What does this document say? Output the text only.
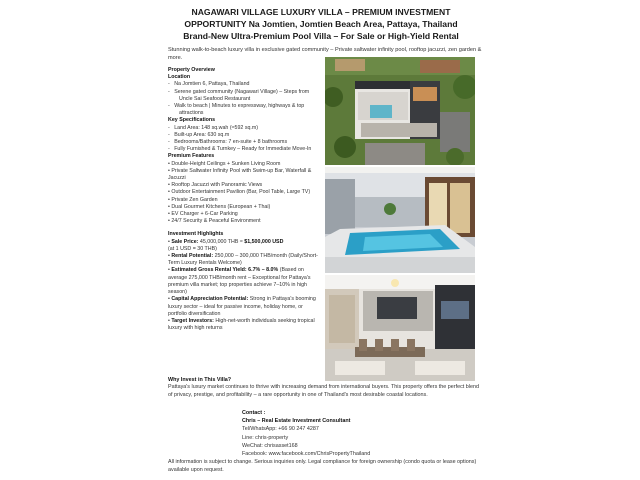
NAGAWARI VILLAGE LUXURY VILLA – PREMIUM INVESTMENT
OPPORTUNITY Na Jomtien, Jomtien Beach Area, Pattaya, Thailand
Brand-New Ultra-Premium Pool Villa – For Sale or High-Yield Rental
Stunning walk-to-beach luxury villa in exclusive gated community – Private saltwater infinity pool, rooftop jacuzzi, zen garden & more.
Property Overview
Location
-   Na Jomtien 6, Pattaya, Thailand
-   Serene gated community (Nagawari Village) – Steps from Uncle Sai Seafood Restaurant
-   Walk to beach | Minutes to expressway, highways & top attractions
Key Specifications
-   Land Area: 148 sq.wah (≈592 sq.m)
-   Built-up Area: 630 sq.m
-   Bedrooms/Bathrooms: 7 en-suite + 8 bathrooms
-   Fully Furnished & Turnkey – Ready for Immediate Move-In
Premium Features
• Double-Height Ceilings + Sunken Living Room
• Private Saltwater Infinity Pool with Swim-up Bar, Waterfall & Jacuzzi
• Rooftop Jacuzzi with Panoramic Views
• Outdoor Entertainment Pavilion (Bar, Pool Table, Large TV)
• Private Zen Garden
• Dual Gourmet Kitchens (European + Thai)
• EV Charger + 6-Car Parking
• 24/7 Security & Peaceful Environment
Investment Highlights
• Sale Price: 45,000,000 THB ≈ $1,500,000 USD
(at 1 USD = 30 THB)
• Rental Potential: 250,000 – 300,000 THB/month (Daily/Short-Term Luxury Rentals Welcome)
• Estimated Gross Rental Yield: 6.7% – 8.0% (Based on average 275,000 THB/month rent – Exceptional for Pattaya's premium villa market; top properties achieve 7–10% in high season)
• Capital Appreciation Potential: Strong in Pattaya's booming luxury sector – ideal for passive income, holiday home, or portfolio diversification
• Target Investors: High-net-worth individuals seeking tropical luxury with high returns
Why Invest in This Villa?
Pattaya's luxury market continues to thrive with increasing demand from international buyers. This property offers the perfect blend of privacy, prestige, and profitability – a rare opportunity in one of Thailand's most desirable coastal locations.
Contact :
Chris – Real Estate Investment Consultant
Tel/WhatsApp: +66 90 247 4287
Line: chris-property
WeChat: chrisasset168
Facebook: www.facebook.com/ChrisPropertyThailand
All information is subject to change. Serious inquiries only. Legal compliance for foreign ownership (condo quota or lease options) available upon request.
